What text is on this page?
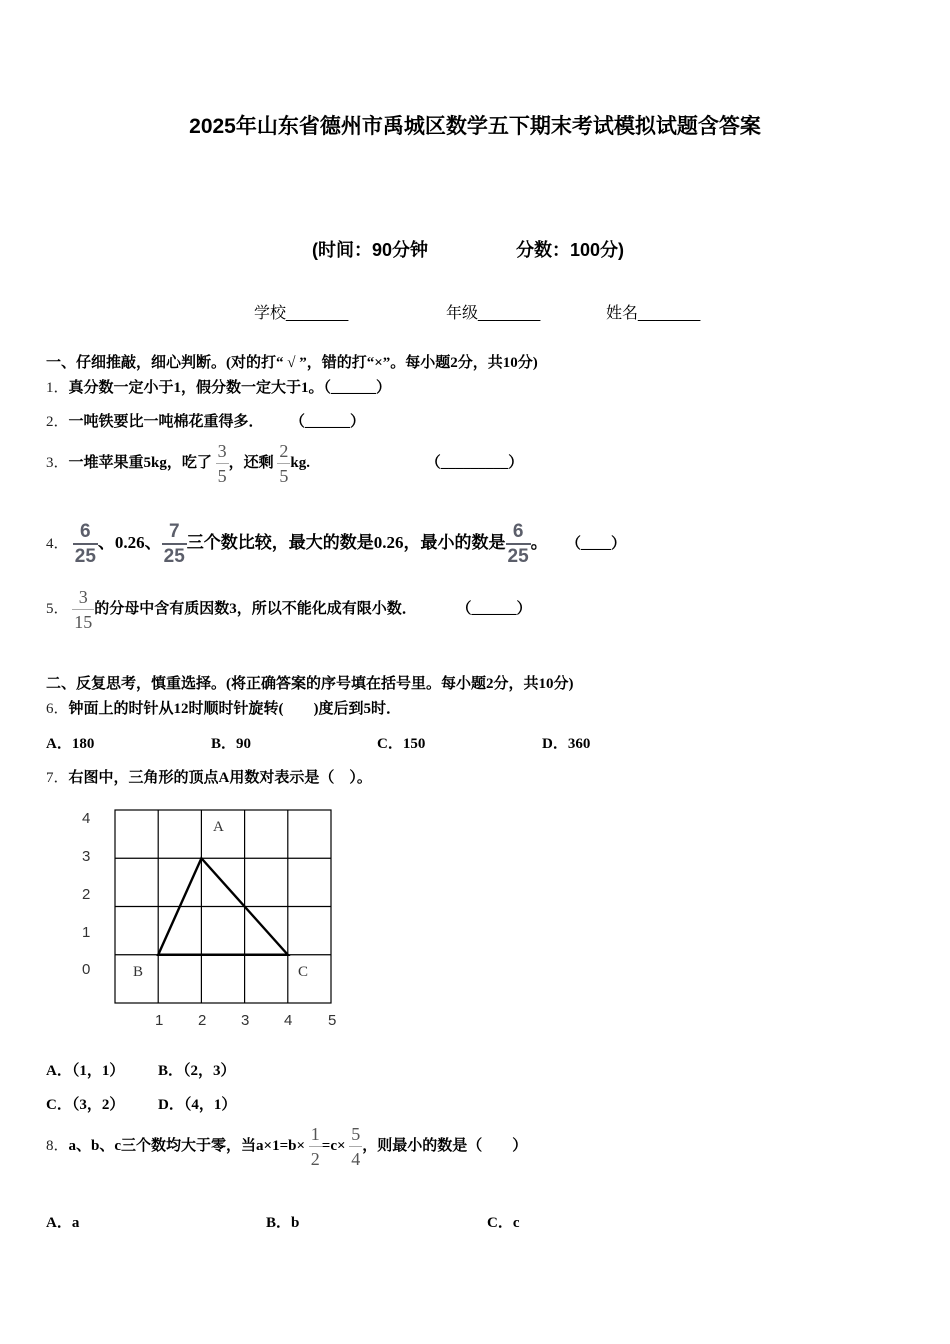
2025年山东省德州市禹城区数学五下期末考试模拟试题含答案
(时间：90分钟	分数：100分)
学校_______	年级_______	姓名_______
一、仔细推敲，细心判断。(对的打“ √ ”，错的打“×”。每小题2分，共10分)
1．真分数一定小于1，假分数一定大于1。（______）
2．一吨铁要比一吨棉花重得多． （______）
3．一堆苹果重5kg，吃了 $\frac{3}{5}$ ，还剩 $\frac{2}{5}$ kg.	（_________）
4． $\frac{6}{25}$ 、0.26、 $\frac{7}{25}$ 三个数比较，最大的数是0.26，最小的数是 $\frac{6}{25}$ 。 （____）
5． $\frac{3}{15}$ 的分母中含有质因数3，所以不能化成有限小数．	（______）
二、反复思考，慎重选择。(将正确答案的序号填在括号里。每小题2分，共10分)
6．钟面上的时针从12时顺时针旋转(　　)度后到5时．
A．180	B．90	C．150	D．360
7．右图中，三角形的顶点A用数对表示是（　）。
4
3
2
1
0
1 2 3 4 5
A
B	C
A．（1，1） B．（2，3）
C．（3，2） D．（4，1）
8．a、b、c三个数均大于零，当$a\times 1=b\times \frac{1}{2} =c\times \frac{5}{4}$ ，则最小的数是（　　）
A．a	B．b	C．c
